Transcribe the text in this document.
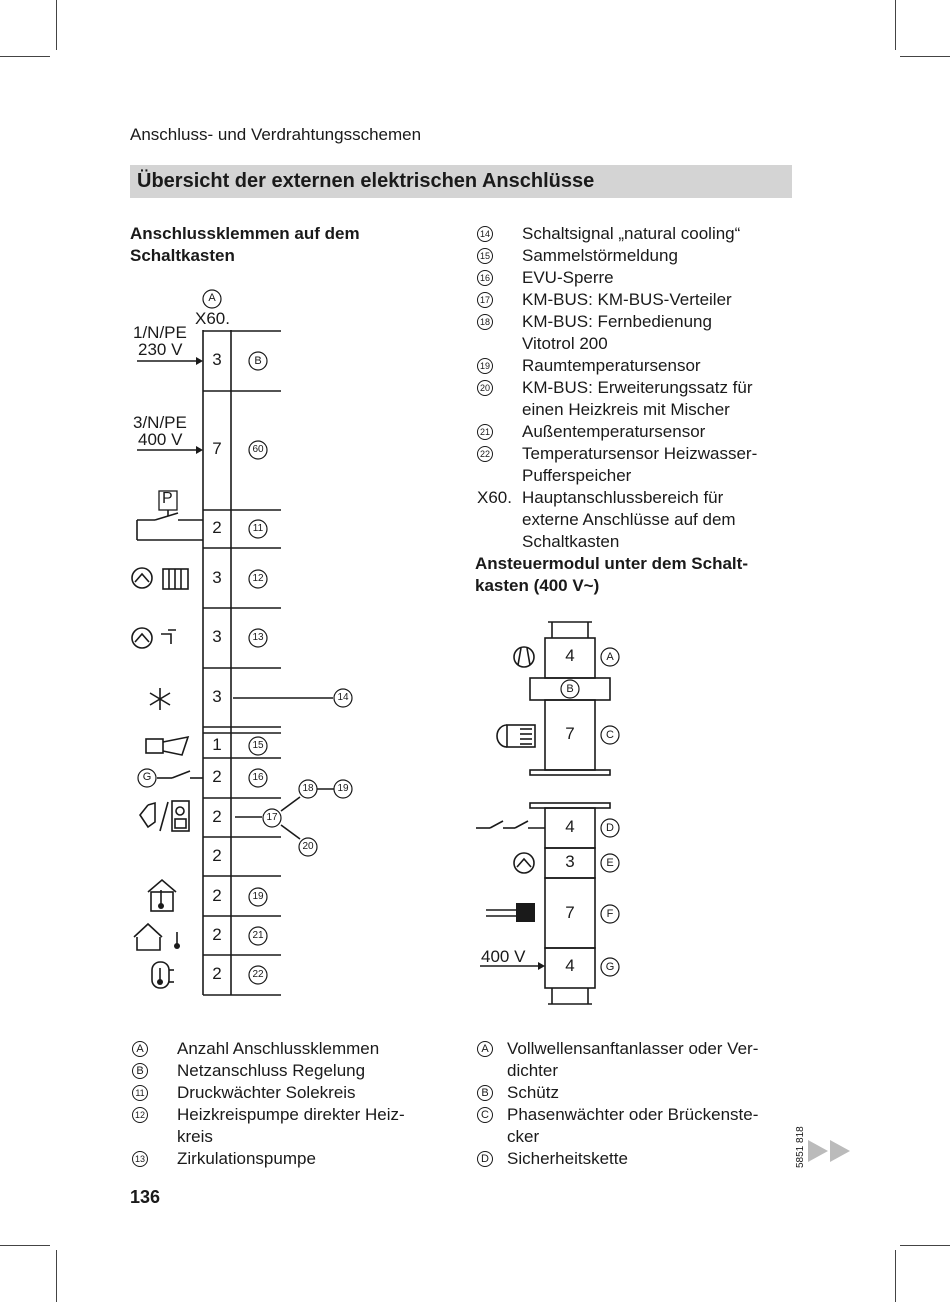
Anschluss- und Verdrahtungsschemen
Übersicht der externen elektrischen Anschlüsse
Anschlussklemmen auf dem
Schaltkasten
A
X60.
1/N/PE
230 V
3/N/PE
400 V
P
G
18 19
20
3	B
7	60
2	11
3	12
3	13
3	14
1	15
2	16
2	17
2
2	19
2	21
2	22
14 Schaltsignal „natural cooling“
15 Sammelstörmeldung
16 EVU-Sperre
17 KM-BUS: KM-BUS-Verteiler
18 KM-BUS: Fernbedienung
Vitotrol 200
19 Raumtemperatursensor
20 KM-BUS: Erweiterungssatz für
einen Heizkreis mit Mischer
21 Außentemperatursensor
22 Temperatursensor Heizwasser-
Pufferspeicher
X60. Hauptanschlussbereich für
externe Anschlüsse auf dem
Schaltkasten
Ansteuermodul unter dem Schalt-
kasten (400 V~)
4	A
B
7	C
4	D
3	E
7	F
4	G
400 V
A Anzahl Anschlussklemmen
B Netzanschluss Regelung
11 Druckwächter Solekreis
12 Heizkreispumpe direkter Heiz-
kreis
13 Zirkulationspumpe
A Vollwellensanftanlasser oder Ver-
dichter
B Schütz
C Phasenwächter oder Brückenste-
cker
D Sicherheitskette
136
5851 818
